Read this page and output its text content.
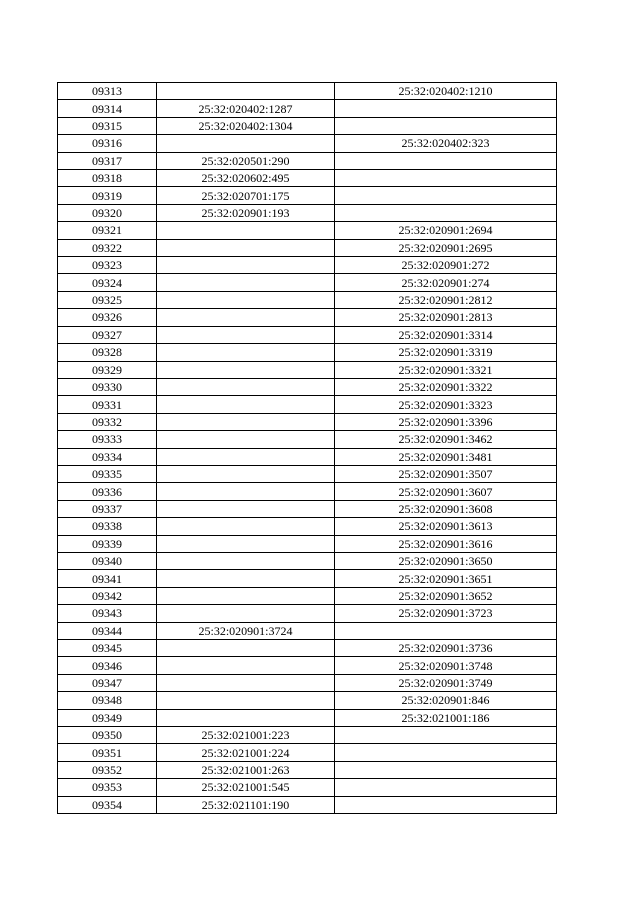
09313		25:32:020402:1210
09314	25:32:020402:1287	
09315	25:32:020402:1304	
09316		25:32:020402:323
09317	25:32:020501:290	
09318	25:32:020602:495	
09319	25:32:020701:175	
09320	25:32:020901:193	
09321		25:32:020901:2694
09322		25:32:020901:2695
09323		25:32:020901:272
09324		25:32:020901:274
09325		25:32:020901:2812
09326		25:32:020901:2813
09327		25:32:020901:3314
09328		25:32:020901:3319
09329		25:32:020901:3321
09330		25:32:020901:3322
09331		25:32:020901:3323
09332		25:32:020901:3396
09333		25:32:020901:3462
09334		25:32:020901:3481
09335		25:32:020901:3507
09336		25:32:020901:3607
09337		25:32:020901:3608
09338		25:32:020901:3613
09339		25:32:020901:3616
09340		25:32:020901:3650
09341		25:32:020901:3651
09342		25:32:020901:3652
09343		25:32:020901:3723
09344	25:32:020901:3724	
09345		25:32:020901:3736
09346		25:32:020901:3748
09347		25:32:020901:3749
09348		25:32:020901:846
09349		25:32:021001:186
09350	25:32:021001:223	
09351	25:32:021001:224	
09352	25:32:021001:263	
09353	25:32:021001:545	
09354	25:32:021101:190	
